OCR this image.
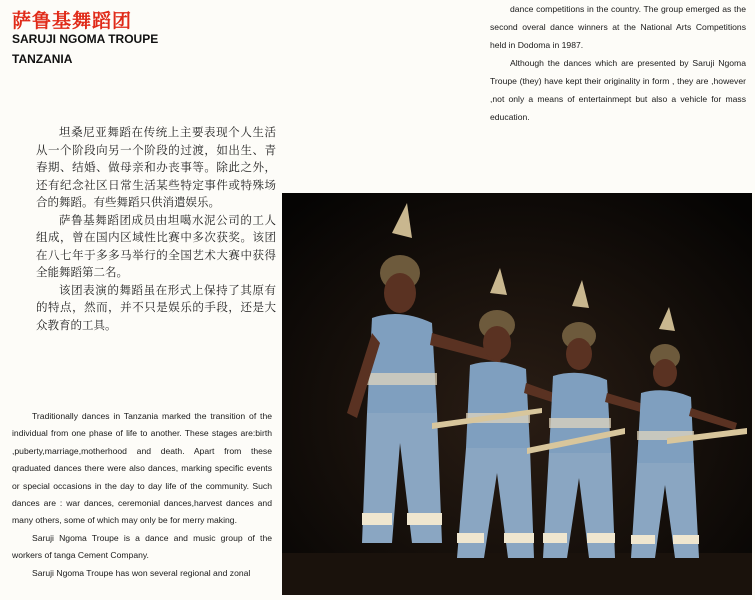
萨鲁基舞蹈团
SARUJI NGOMA TROUPE
TANZANIA

坦桑尼亚舞蹈在传统上主要表现个人生活从一个阶段向另一个阶段的过渡，如出生、青春期、结婚、做母亲和办丧事等。除此之外，还有纪念社区日常生活某些特定事件或特殊场合的舞蹈。有些舞蹈只供消遣娱乐。

萨鲁基舞蹈团成员由坦噶水泥公司的工人组成，曾在国内区域性比赛中多次获奖。该团在八七年于多多马举行的全国艺术大赛中获得全能舞蹈第二名。

该团表演的舞蹈虽在形式上保持了其原有的特点，然而，并不只是娱乐的手段，还是大众教育的工具。

Traditionally dances in Tanzania marked the transition of the individual from one phase of life to another. These stages are:birth ,puberty,marriage,motherhood and death. Apart from these qraduated dances there were also dances, marking specific events or special occasions in the day to day life of the community. Such dances are : war dances, ceremonial dances,harvest dances and many others, some of which may only be for merry making.

Saruji Ngoma Troupe is a dance and music group of the workers of tanga Cement Company.

Saruji Ngoma Troupe has won several regional and zonal

dance competitions in the country. The group emerged as the second overal dance winners at the National Arts Competitions held in Dodoma in 1987.

Although the dances which are presented by Saruji Ngoma Troupe (they) have kept their originality in form , they are ,however ,not only a means of entertainmept but also a vehicle for mass education.
